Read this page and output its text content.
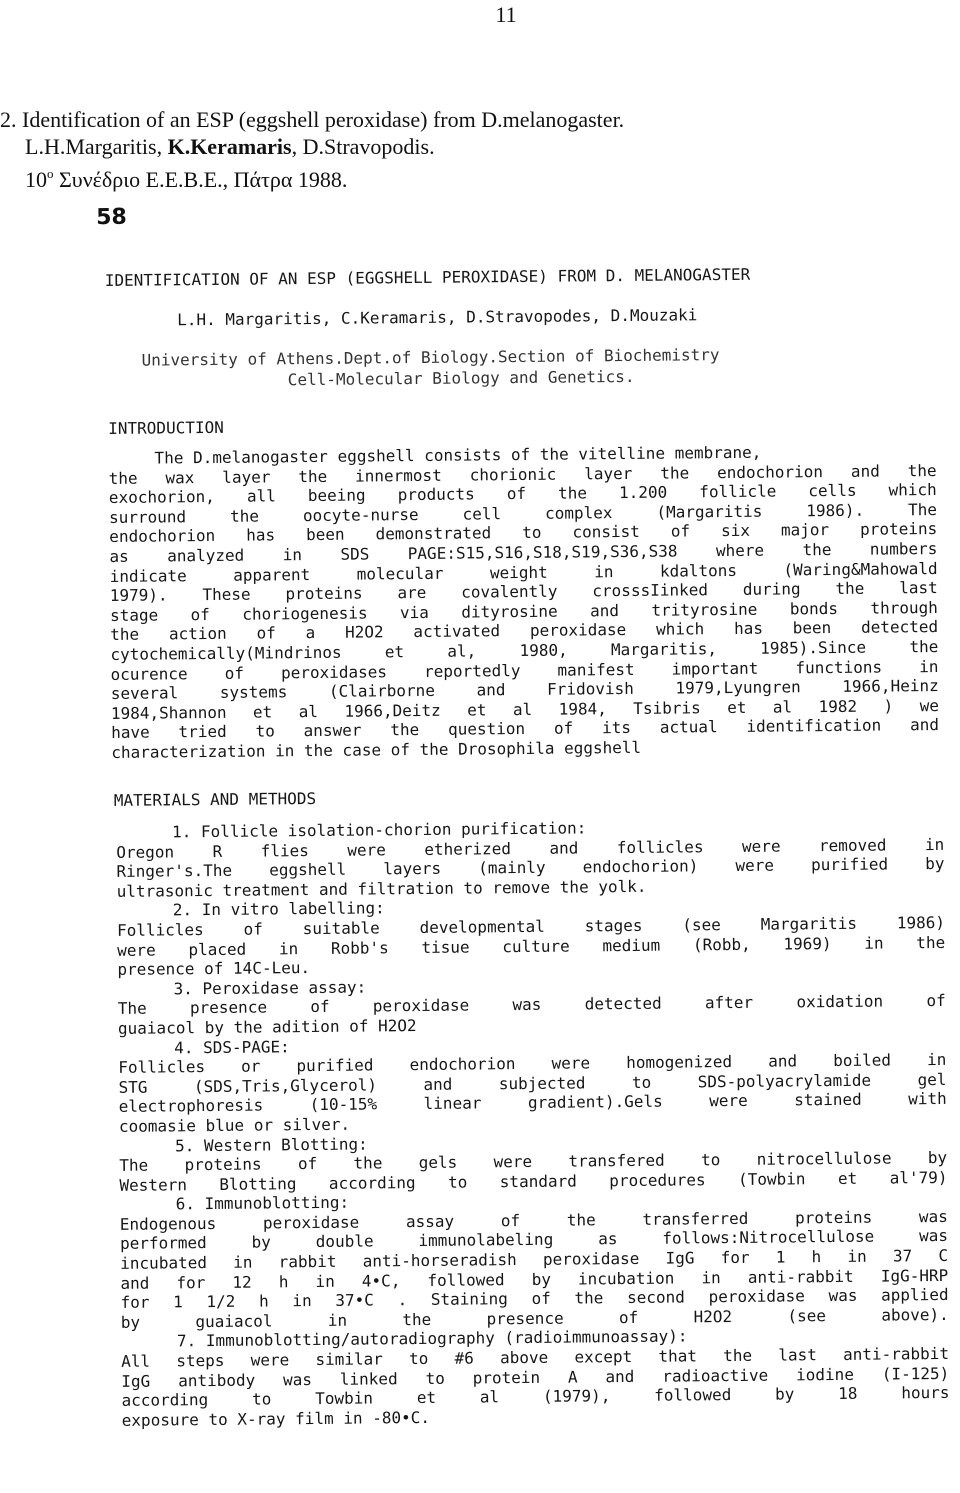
11
2. Identification of an ESP (eggshell peroxidase) from D.melanogaster.
L.H.Margaritis, K.Keramaris, D.Stravopodis.
$10^o$ Συνέδριο Ε.Ε.Β.Ε., Πάτρα 1988.
58
IDENTIFICATION OF AN ESP (EGGSHELL PEROXIDASE) FROM D. MELANOGASTER
L.H. Margaritis, C.Keramaris, D.Stravopodes, D.Mouzaki
University of Athens.Dept.of Biology.Section of Biochemistry
Cell-Molecular Biology and Genetics.
INTRODUCTION
The D.melanogaster eggshell consists of the vitelline membrane,
the wax layer the innermost chorionic layer the endochorion and the
exochorion, all beeing products of the 1.200 follicle cells which
surround	the	oocyte-nurse	cell	complex	(Margaritis	1986).	The
endochorion has been demonstrated to consist of six major proteins
as analyzed in SDS PAGE:S15,S16,S18,S19,S36,S38 where the numbers
indicate	apparent	molecular	weight	in	kdaltons	(Waring&Mahowald
1979). These proteins are covalently crosssIinked during the last
stage of choriogenesis via dityrosine and trityrosine bonds through
the action of a H2O2 activated peroxidase which has been detected
cytochemically(Mindrinos	et	al,	1980,	Margaritis,	1985).Since	the
ocurence of peroxidases reportedly manifest important functions in
several	systems	(Clairborne	and	Fridovish	1979,Lyungren	1966,Heinz
1984,Shannon et al 1966,Deitz et al 1984, Tsibris et al 1982 ) we
have tried to answer the question of its actual identification and
characterization in the case of the Drosophila eggshell
MATERIALS AND METHODS
1. Follicle isolation-chorion purification:
Oregon R flies were etherized and follicles were removed in
Ringer's.The eggshell layers (mainly endochorion) were purified by
ultrasonic treatment and filtration to remove the yolk.
2. In vitro labelling:
Follicles of suitable developmental stages (see Margaritis 1986)
were placed in Robb's tisue culture medium (Robb, 1969) in the
presence of 14C-Leu.
3. Peroxidase assay:
The	presence	of	peroxidase	was	detected	after	oxidation	of
guaiacol by the adition of H2O2
4. SDS-PAGE:
Follicles or purified endochorion were homogenized and boiled in
STG	(SDS,Tris,Glycerol)	and	subjected	to	SDS-polyacrylamide	gel
electrophoresis	(10-15%	linear	gradient).Gels	were	stained	with
coomasie blue or silver.
5. Western Blotting:
The proteins of the gels were transfered to nitrocellulose by
Western Blotting according to standard procedures (Towbin et al'79)
6. Immunoblotting:
Endogenous	peroxidase	assay	of	the	transferred	proteins	was
performed	by	double	immunolabeling	as	follows:Nitrocellulose	was
incubated in rabbit anti-horseradish peroxidase IgG for 1 h in 37 C
and for 12 h in 4•C, followed by incubation in anti-rabbit IgG-HRP
for 1 1/2 h in 37•C . Staining of the second peroxidase was applied
by	guaiacol	in	the	presence	of	H2O2	(see	above).
7. Immunoblotting/autoradiography (radioimmunoassay):
All steps were similar to #6 above except that the last anti-rabbit
IgG antibody was linked to protein A and radioactive iodine (I-125)
according	to	Towbin	et	al	(1979),	followed	by	18	hours
exposure to X-ray film in -80•C.
